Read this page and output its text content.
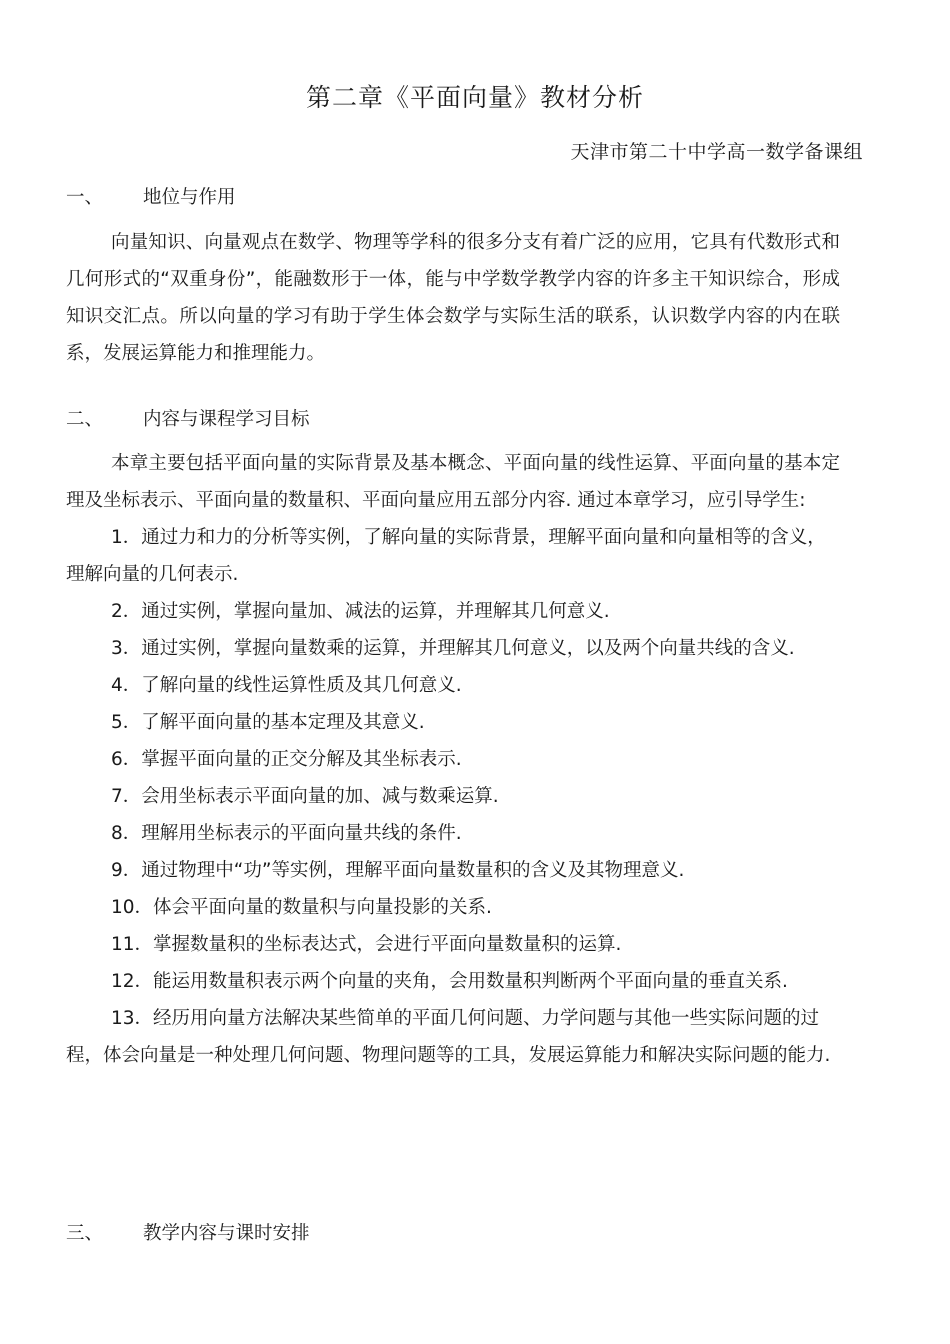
第二章《平面向量》教材分析
天津市第二十中学高一数学备课组
一、 地位与作用

向量知识、向量观点在数学、物理等学科的很多分支有着广泛的应用，它具有代数形式和几何形式的“双重身份”，能融数形于一体，能与中学数学教学内容的许多主干知识综合，形成知识交汇点。所以向量的学习有助于学生体会数学与实际生活的联系，认识数学内容的内在联系，发展运算能力和推理能力。

二、 内容与课程学习目标

本章主要包括平面向量的实际背景及基本概念、平面向量的线性运算、平面向量的基本定理及坐标表示、平面向量的数量积、平面向量应用五部分内容. 通过本章学习，应引导学生:

1．通过力和力的分析等实例，了解向量的实际背景，理解平面向量和向量相等的含义，理解向量的几何表示.

2．通过实例，掌握向量加、减法的运算，并理解其几何意义.

3．通过实例，掌握向量数乘的运算，并理解其几何意义，以及两个向量共线的含义.

4．了解向量的线性运算性质及其几何意义.

5．了解平面向量的基本定理及其意义.

6．掌握平面向量的正交分解及其坐标表示.

7．会用坐标表示平面向量的加、减与数乘运算.

8．理解用坐标表示的平面向量共线的条件.

9．通过物理中“功”等实例，理解平面向量数量积的含义及其物理意义.

10．体会平面向量的数量积与向量投影的关系.

11．掌握数量积的坐标表达式，会进行平面向量数量积的运算.

12．能运用数量积表示两个向量的夹角，会用数量积判断两个平面向量的垂直关系.

13．经历用向量方法解决某些简单的平面几何问题、力学问题与其他一些实际问题的过程，体会向量是一种处理几何问题、物理问题等的工具，发展运算能力和解决实际问题的能力.

三、 教学内容与课时安排
